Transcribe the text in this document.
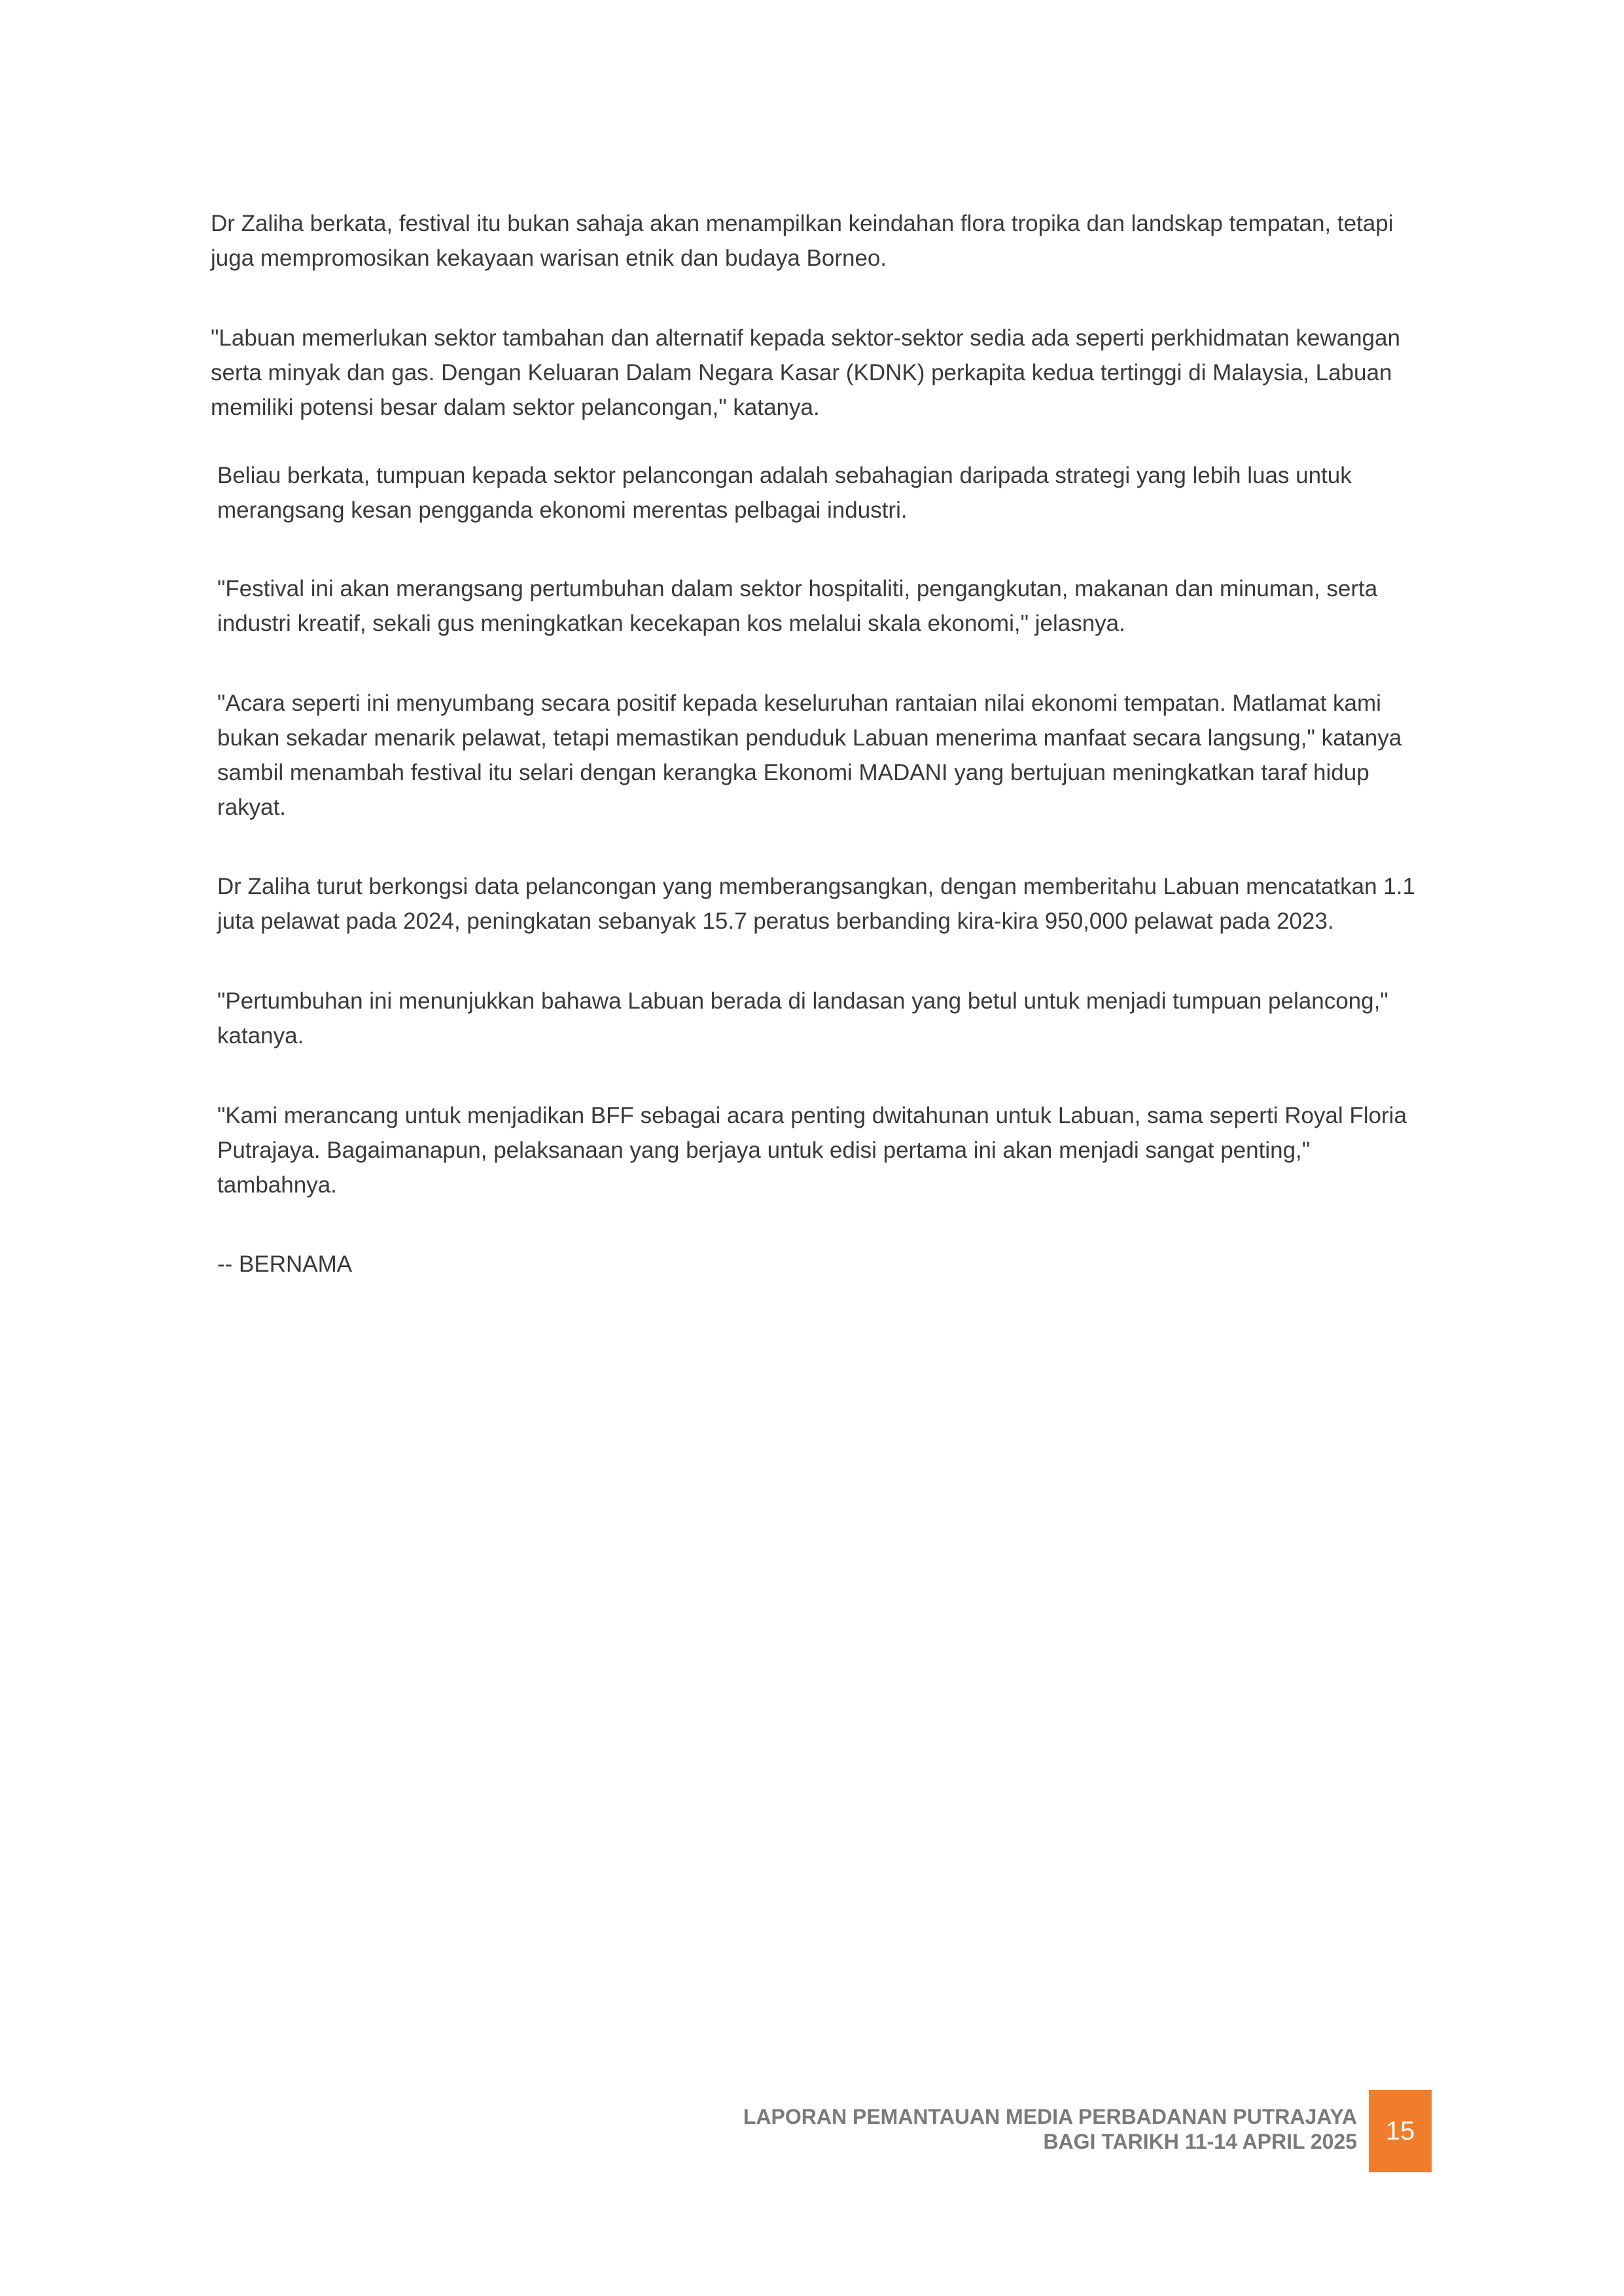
Dr Zaliha berkata, festival itu bukan sahaja akan menampilkan keindahan flora tropika dan landskap tempatan, tetapi juga mempromosikan kekayaan warisan etnik dan budaya Borneo.

"Labuan memerlukan sektor tambahan dan alternatif kepada sektor-sektor sedia ada seperti perkhidmatan kewangan serta minyak dan gas. Dengan Keluaran Dalam Negara Kasar (KDNK) perkapita kedua tertinggi di Malaysia, Labuan memiliki potensi besar dalam sektor pelancongan," katanya.

Beliau berkata, tumpuan kepada sektor pelancongan adalah sebahagian daripada strategi yang lebih luas untuk merangsang kesan pengganda ekonomi merentas pelbagai industri.

"Festival ini akan merangsang pertumbuhan dalam sektor hospitaliti, pengangkutan, makanan dan minuman, serta industri kreatif, sekali gus meningkatkan kecekapan kos melalui skala ekonomi," jelasnya.

"Acara seperti ini menyumbang secara positif kepada keseluruhan rantaian nilai ekonomi tempatan. Matlamat kami bukan sekadar menarik pelawat, tetapi memastikan penduduk Labuan menerima manfaat secara langsung," katanya sambil menambah festival itu selari dengan kerangka Ekonomi MADANI yang bertujuan meningkatkan taraf hidup rakyat.

Dr Zaliha turut berkongsi data pelancongan yang memberangsangkan, dengan memberitahu Labuan mencatatkan 1.1 juta pelawat pada 2024, peningkatan sebanyak 15.7 peratus berbanding kira-kira 950,000 pelawat pada 2023.

"Pertumbuhan ini menunjukkan bahawa Labuan berada di landasan yang betul untuk menjadi tumpuan pelancong," katanya.

"Kami merancang untuk menjadikan BFF sebagai acara penting dwitahunan untuk Labuan, sama seperti Royal Floria Putrajaya. Bagaimanapun, pelaksanaan yang berjaya untuk edisi pertama ini akan menjadi sangat penting," tambahnya.

-- BERNAMA

LAPORAN PEMANTAUAN MEDIA PERBADANAN PUTRAJAYA
BAGI TARIKH 11-14 APRIL 2025	15
